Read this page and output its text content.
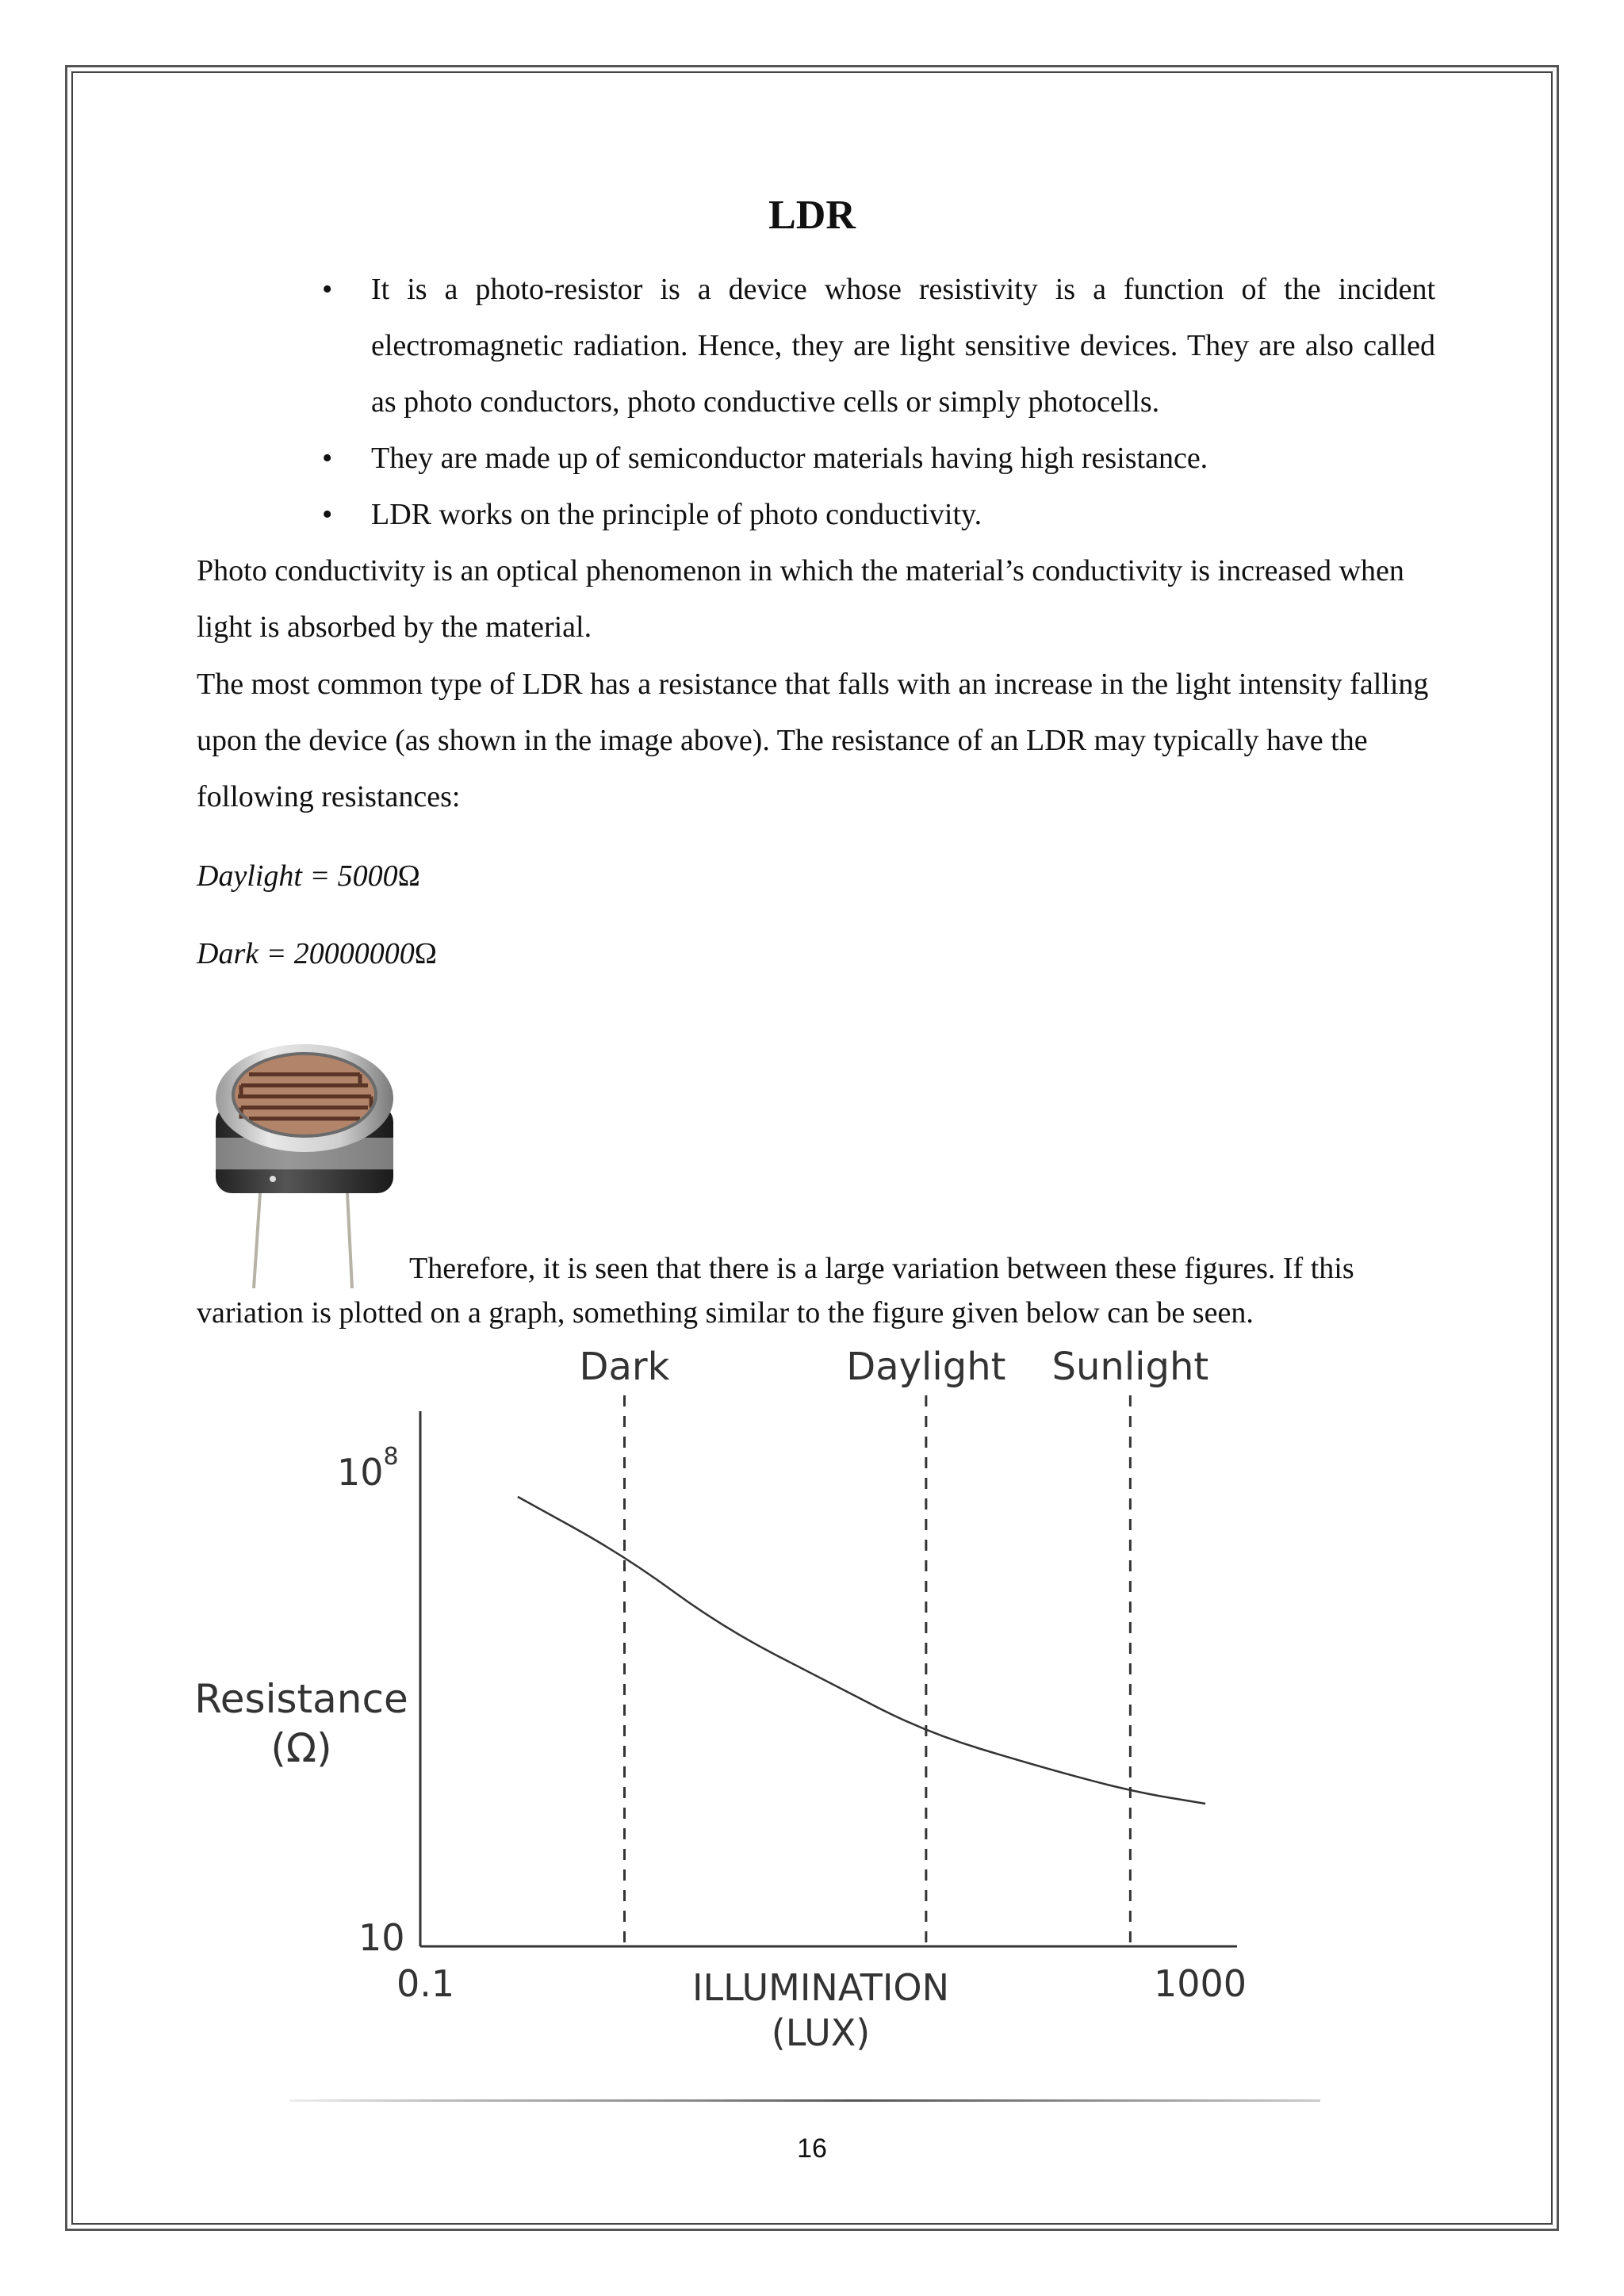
LDR
• It is a photo-resistor is a device whose resistivity is a function of the incident electromagnetic radiation. Hence, they are light sensitive devices. They are also called as photo conductors, photo conductive cells or simply photocells.
• They are made up of semiconductor materials having high resistance.
• LDR works on the principle of photo conductivity.

Photo conductivity is an optical phenomenon in which the material’s conductivity is increased when light is absorbed by the material.

The most common type of LDR has a resistance that falls with an increase in the light intensity falling upon the device (as shown in the image above). The resistance of an LDR may typically have the following resistances:

Daylight = 5000Ω
Dark = 20000000Ω

Therefore, it is seen that there is a large variation between these figures. If this variation is plotted on a graph, something similar to the figure given below can be seen.

Dark	Daylight Sunlight
$10^8$
10
Resistance
(Ω)
0.1	1000
ILLUMINATION
(LUX)
16
